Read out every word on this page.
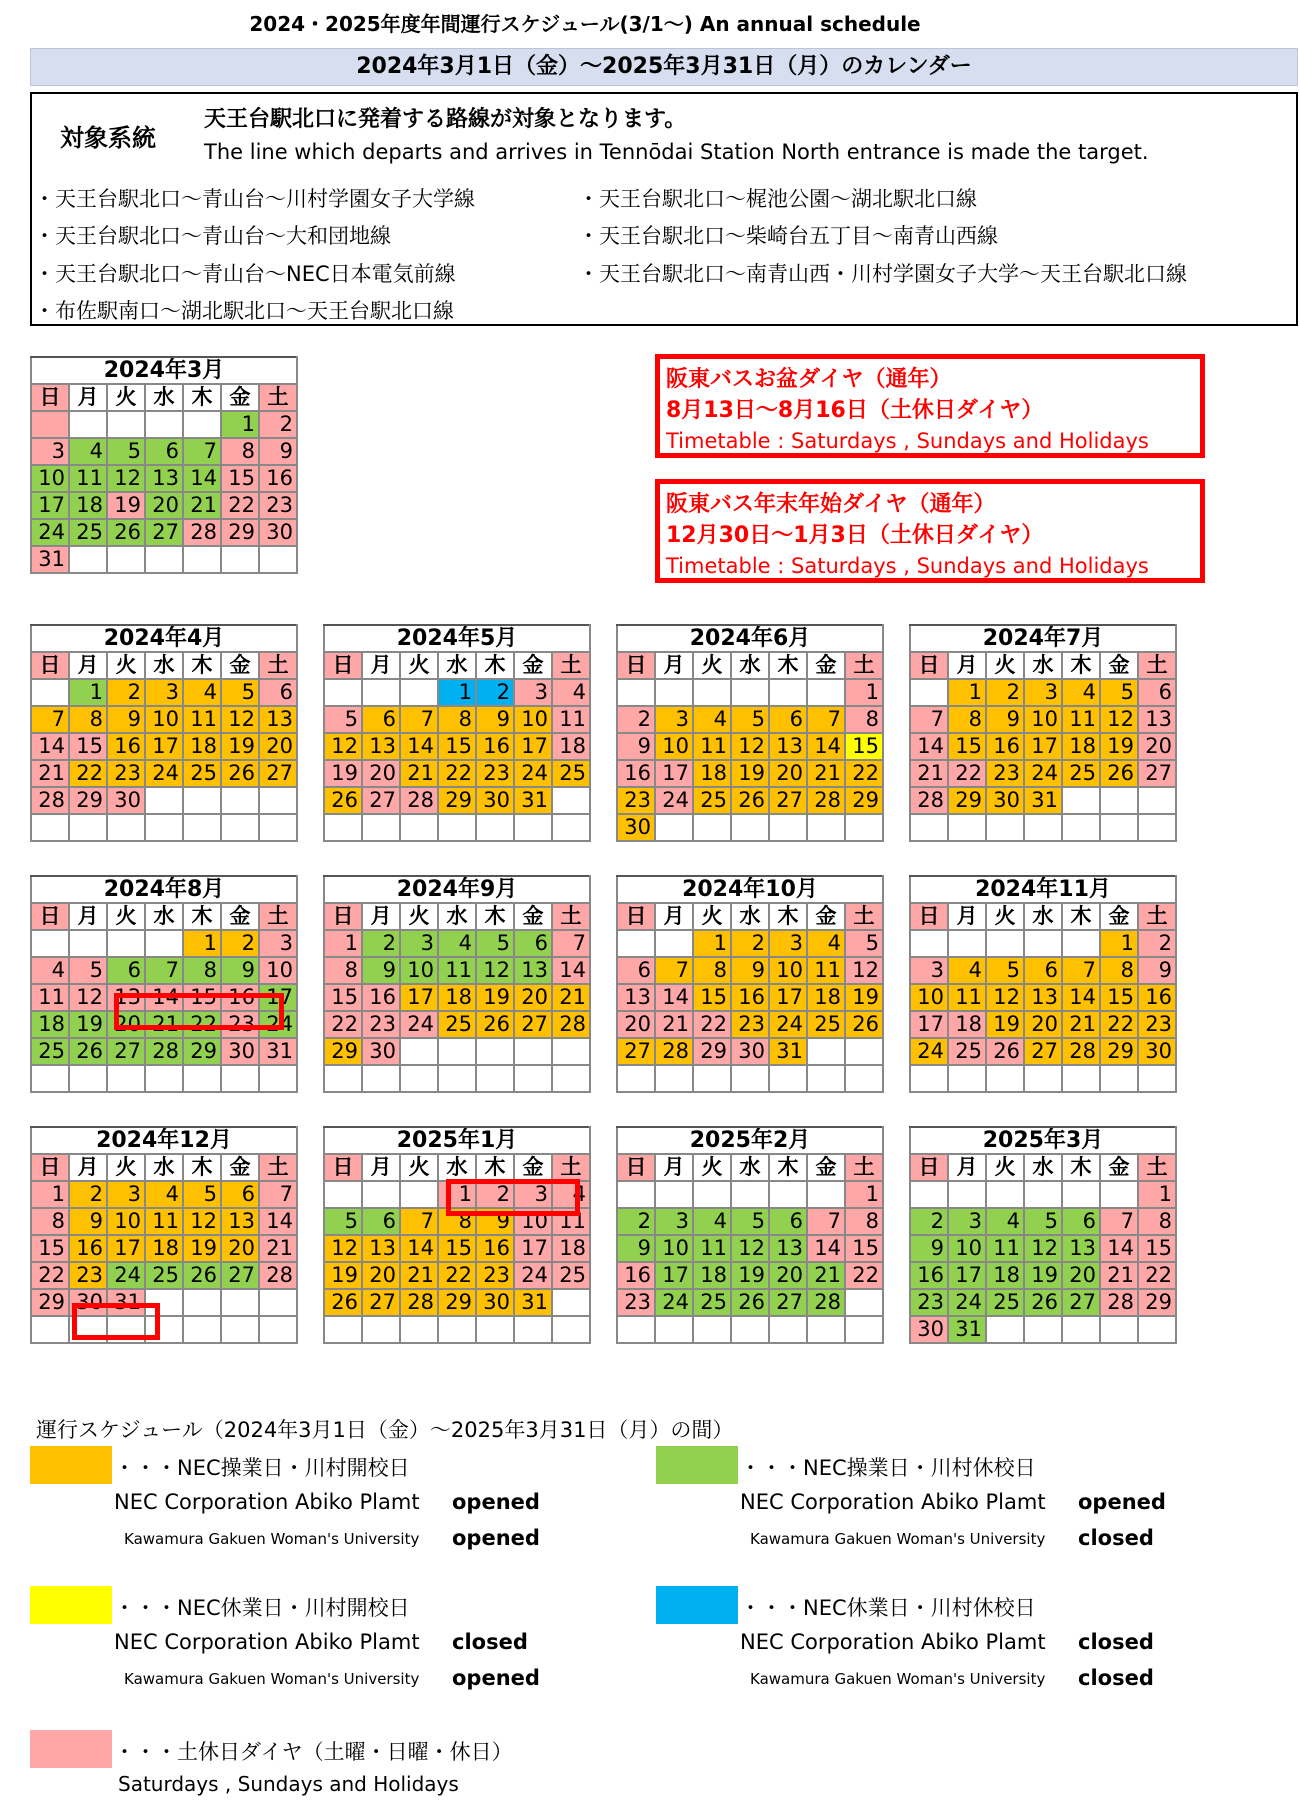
2024・2025年度年間運行スケジュール(3/1～) An annual schedule
2024年3月1日（金）～2025年3月31日（月）のカレンダー
対象系統
天王台駅北口に発着する路線が対象となります。
The line which departs and arrives in Tennōdai Station North entrance is made the target.
・天王台駅北口～青山台～川村学園女子大学線
・天王台駅北口～青山台～大和団地線
・天王台駅北口～青山台～NEC日本電気前線
・布佐駅南口～湖北駅北口～天王台駅北口線
・天王台駅北口～梶池公園～湖北駅北口線
・天王台駅北口～柴崎台五丁目～南青山西線
・天王台駅北口～南青山西・川村学園女子大学～天王台駅北口線
阪東バスお盆ダイヤ（通年）
8月13日～8月16日（土休日ダイヤ）
Timetable : Saturdays , Sundays and Holidays
阪東バス年末年始ダイヤ（通年）
12月30日～1月3日（土休日ダイヤ）
Timetable : Saturdays , Sundays and Holidays
2024年3月						
日	月	火	水	木	金	土
					1	2
3	4	5	6	7	8	9
10	11	12	13	14	15	16
17	18	19	20	21	22	23
24	25	26	27	28	29	30
31						
2024年4月						
日	月	火	水	木	金	土
	1	2	3	4	5	6
7	8	9	10	11	12	13
14	15	16	17	18	19	20
21	22	23	24	25	26	27
28	29	30				

2024年5月						
日	月	火	水	木	金	土
			1	2	3	4
5	6	7	8	9	10	11
12	13	14	15	16	17	18
19	20	21	22	23	24	25
26	27	28	29	30	31	

2024年6月						
日	月	火	水	木	金	土
						1
2	3	4	5	6	7	8
9	10	11	12	13	14	15
16	17	18	19	20	21	22
23	24	25	26	27	28	29
30						
2024年7月						
日	月	火	水	木	金	土
	1	2	3	4	5	6
7	8	9	10	11	12	13
14	15	16	17	18	19	20
21	22	23	24	25	26	27
28	29	30	31			

2024年8月						
日	月	火	水	木	金	土
				1	2	3
4	5	6	7	8	9	10
11	12	13	14	15	16	17
18	19	20	21	22	23	24
25	26	27	28	29	30	31

2024年9月						
日	月	火	水	木	金	土
1	2	3	4	5	6	7
8	9	10	11	12	13	14
15	16	17	18	19	20	21
22	23	24	25	26	27	28
29	30					

2024年10月						
日	月	火	水	木	金	土
		1	2	3	4	5
6	7	8	9	10	11	12
13	14	15	16	17	18	19
20	21	22	23	24	25	26
27	28	29	30	31		

2024年11月						
日	月	火	水	木	金	土
					1	2
3	4	5	6	7	8	9
10	11	12	13	14	15	16
17	18	19	20	21	22	23
24	25	26	27	28	29	30

2024年12月						
日	月	火	水	木	金	土
1	2	3	4	5	6	7
8	9	10	11	12	13	14
15	16	17	18	19	20	21
22	23	24	25	26	27	28
29	30	31				

2025年1月						
日	月	火	水	木	金	土
			1	2	3	4
5	6	7	8	9	10	11
12	13	14	15	16	17	18
19	20	21	22	23	24	25
26	27	28	29	30	31	

2025年2月						
日	月	火	水	木	金	土
						1
2	3	4	5	6	7	8
9	10	11	12	13	14	15
16	17	18	19	20	21	22
23	24	25	26	27	28	

2025年3月						
日	月	火	水	木	金	土
						1
2	3	4	5	6	7	8
9	10	11	12	13	14	15
16	17	18	19	20	21	22
23	24	25	26	27	28	29
30	31					
運行スケジュール（2024年3月1日（金）～2025年3月31日（月）の間）
・・・NEC操業日・川村開校日
NEC Corporation Abiko Plamt opened
Kawamura Gakuen Woman's University opened
・・・NEC操業日・川村休校日
NEC Corporation Abiko Plamt opened
Kawamura Gakuen Woman's University closed
・・・NEC休業日・川村開校日
NEC Corporation Abiko Plamt closed
Kawamura Gakuen Woman's University opened
・・・NEC休業日・川村休校日
NEC Corporation Abiko Plamt closed
Kawamura Gakuen Woman's University closed
・・・土休日ダイヤ（土曜・日曜・休日）
Saturdays , Sundays and Holidays
